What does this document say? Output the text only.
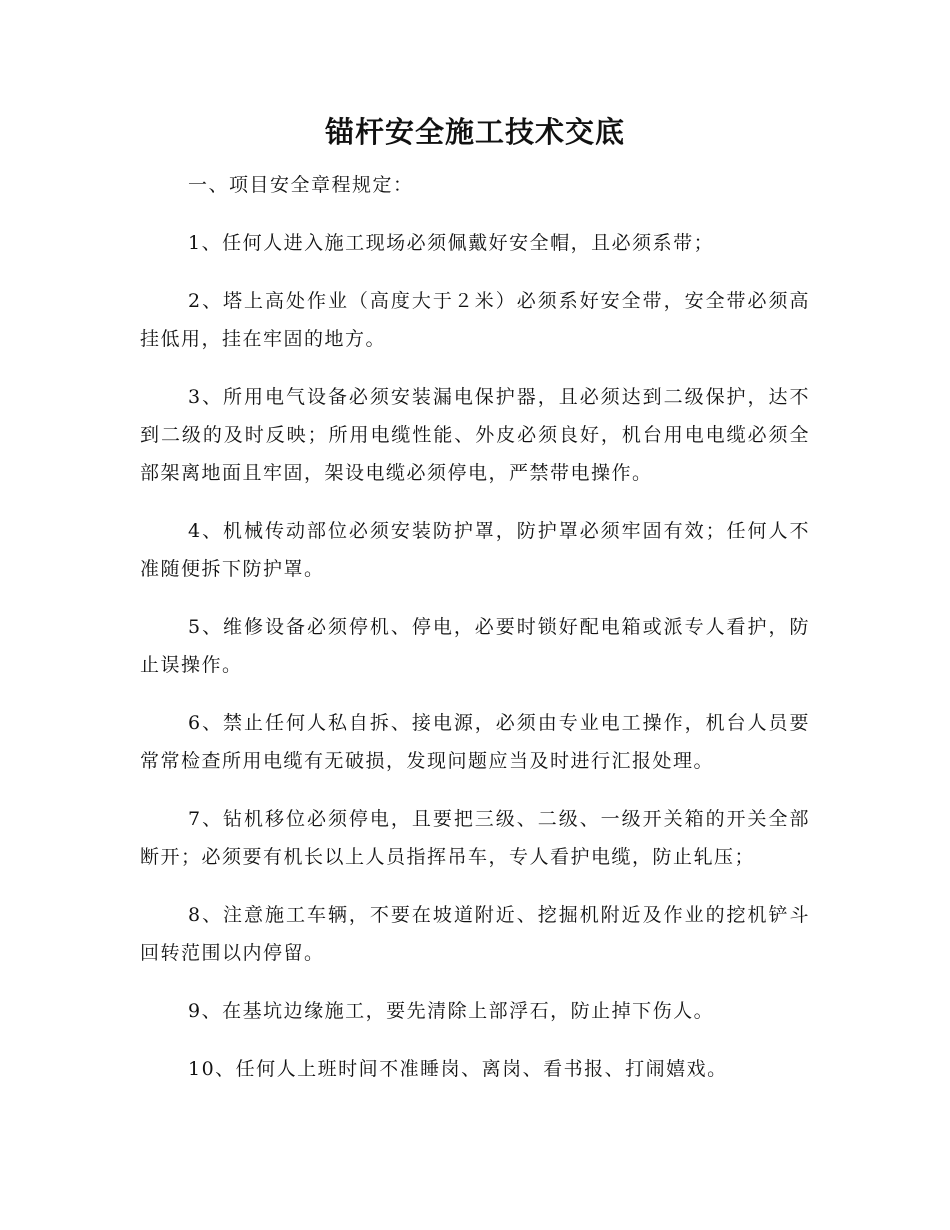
锚杆安全施工技术交底

一、项目安全章程规定：

1、任何人进入施工现场必须佩戴好安全帽，且必须系带；

2、塔上高处作业（高度大于２米）必须系好安全带，安全带必须高挂低用，挂在牢固的地方。

3、所用电气设备必须安装漏电保护器，且必须达到二级保护，达不到二级的及时反映；所用电缆性能、外皮必须良好，机台用电电缆必须全部架离地面且牢固，架设电缆必须停电，严禁带电操作。

4、机械传动部位必须安装防护罩，防护罩必须牢固有效；任何人不准随便拆下防护罩。

5、维修设备必须停机、停电，必要时锁好配电箱或派专人看护，防止误操作。

6、禁止任何人私自拆、接电源，必须由专业电工操作，机台人员要常常检查所用电缆有无破损，发现问题应当及时进行汇报处理。

7、钻机移位必须停电，且要把三级、二级、一级开关箱的开关全部断开；必须要有机长以上人员指挥吊车，专人看护电缆，防止轧压；

8、注意施工车辆，不要在坡道附近、挖掘机附近及作业的挖机铲斗回转范围以内停留。

9、在基坑边缘施工，要先清除上部浮石，防止掉下伤人。

10、任何人上班时间不准睡岗、离岗、看书报、打闹嬉戏。
